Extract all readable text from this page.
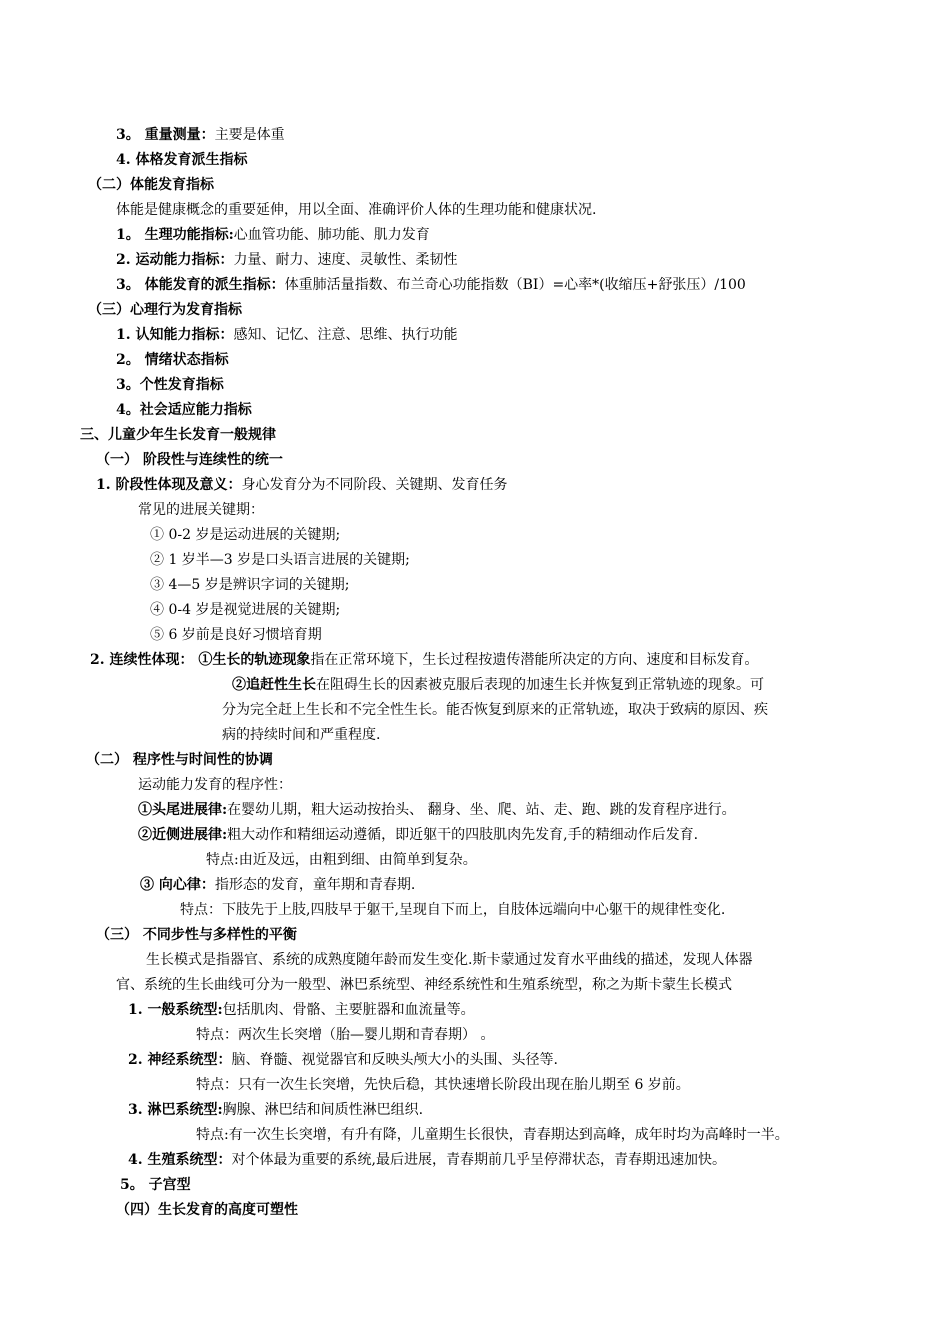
3。 重量测量：主要是体重
4. 体格发育派生指标
（二）体能发育指标
体能是健康概念的重要延伸，用以全面、准确评价人体的生理功能和健康状况.
1。 生理功能指标:心血管功能、肺功能、肌力发育
2. 运动能力指标：力量、耐力、速度、灵敏性、柔韧性
3。 体能发育的派生指标：体重肺活量指数、布兰奇心功能指数（BI）=心率*(收缩压+舒张压）/100
（三）心理行为发育指标
1. 认知能力指标：感知、记忆、注意、思维、执行功能
2。 情绪状态指标
3。个性发育指标
4。社会适应能力指标
三、儿童少年生长发育一般规律
（一） 阶段性与连续性的统一
1. 阶段性体现及意义：身心发育分为不同阶段、关键期、发育任务
常见的进展关键期：
① 0-2 岁是运动进展的关键期;
② 1 岁半—3 岁是口头语言进展的关键期;
③ 4—5 岁是辨识字词的关键期;
④ 0-4 岁是视觉进展的关键期;
⑤ 6 岁前是良好习惯培育期
2. 连续性体现： ①生长的轨迹现象指在正常环境下，生长过程按遗传潜能所决定的方向、速度和目标发育。
②追赶性生长在阻碍生长的因素被克服后表现的加速生长并恢复到正常轨迹的现象。可
分为完全赶上生长和不完全性生长。能否恢复到原来的正常轨迹，取决于致病的原因、疾
病的持续时间和严重程度.
（二） 程序性与时间性的协调
运动能力发育的程序性：
①头尾进展律:在婴幼儿期，粗大运动按抬头、 翻身、坐、爬、站、走、跑、跳的发育程序进行。
②近侧进展律:粗大动作和精细运动遵循，即近躯干的四肢肌肉先发育,手的精细动作后发育.
特点:由近及远，由粗到细、由简单到复杂。
③ 向心律：指形态的发育，童年期和青春期.
特点：下肢先于上肢,四肢早于躯干,呈现自下而上，自肢体远端向中心躯干的规律性变化.
（三） 不同步性与多样性的平衡
生长模式是指器官、系统的成熟度随年龄而发生变化.斯卡蒙通过发育水平曲线的描述，发现人体器
官、系统的生长曲线可分为一般型、淋巴系统型、神经系统性和生殖系统型，称之为斯卡蒙生长模式
1. 一般系统型:包括肌肉、骨骼、主要脏器和血流量等。
特点：两次生长突增（胎—婴儿期和青春期） 。
2. 神经系统型：脑、脊髓、视觉器官和反映头颅大小的头围、头径等.
特点：只有一次生长突增，先快后稳，其快速增长阶段出现在胎儿期至 6 岁前。
3. 淋巴系统型:胸腺、淋巴结和间质性淋巴组织.
特点:有一次生长突增，有升有降，儿童期生长很快，青春期达到高峰，成年时均为高峰时一半。
4. 生殖系统型：对个体最为重要的系统,最后进展，青春期前几乎呈停滞状态，青春期迅速加快。
5。 子宫型
（四）生长发育的高度可塑性
